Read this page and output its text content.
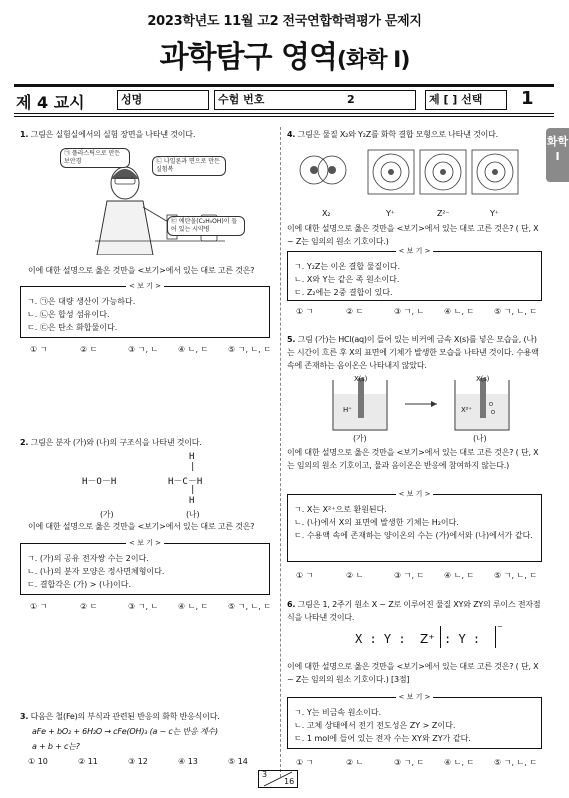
2023학년도 11월 고2 전국연합학력평가 문제지
과학탐구 영역(화학 Ⅰ)
제 4 교시	성명	수험 번호	2	제 [ ] 선택	1
화학 Ⅰ
1. 그림은 실험실에서의 실험 장면을 나타낸 것이다.
㉠ 플라스틱으로 만든 보안경	㉡ 나일론과 면으로 만든 실험복
㉢ 에탄올(C₂H₅OH)이 들어 있는 시약병
이에 대한 설명으로 옳은 것만을 <보기>에서 있는 대로 고른 것은?
< 보 기 >
ㄱ. ㉠은 대량 생산이 가능하다.
ㄴ. ㉡은 합성 섬유이다.
ㄷ. ㉢은 탄소 화합물이다.
① ㄱ	② ㄷ	③ ㄱ, ㄴ ④ ㄴ, ㄷ ⑤ ㄱ, ㄴ, ㄷ
2. 그림은 분자 (가)와 (나)의 구조식을 나타낸 것이다.
H－O－H
H
|
H－C－H
|
H
(가)	(나)
이에 대한 설명으로 옳은 것만을 <보기>에서 있는 대로 고른 것은?
< 보 기 >
ㄱ. (가)의 공유 전자쌍 수는 2이다.
ㄴ. (나)의 분자 모양은 정사면체형이다.
ㄷ. 결합각은 (가) > (나)이다.
① ㄱ	② ㄷ	③ ㄱ, ㄴ ④ ㄴ, ㄷ ⑤ ㄱ, ㄴ, ㄷ
3. 다음은 철(Fe)의 부식과 관련된 반응의 화학 반응식이다.
aFe + bO₂ + 6H₂O → cFe(OH)₃ (a ~ c는 반응 계수)
a + b + c는?
① 10	② 11	③ 12	④ 13	⑤ 14
4. 그림은 물질 X₂와 Y₂Z를 화학 결합 모형으로 나타낸 것이다.
X₂	Y⁺	Z²⁻	Y⁺
이에 대한 설명으로 옳은 것만을 <보기>에서 있는 대로 고른 것은? ( 단, X ~ Z는 임의의 원소 기호이다.)
< 보 기 >
ㄱ. Y₂Z는 이온 결합 물질이다.
ㄴ. X와 Y는 같은 족 원소이다.
ㄷ. Z₂에는 2중 결합이 있다.
① ㄱ	② ㄷ	③ ㄱ, ㄴ ④ ㄴ, ㄷ ⑤ ㄱ, ㄴ, ㄷ
5. 그림 (가)는 HCl(aq)이 들어 있는 비커에 금속 X(s)를 넣은 모습을, (나)는 시간이 흐른 후 X의 표면에 기체가 발생한 모습을 나타낸 것이다. 수용액 속에 존재하는 음이온은 나타내지 않았다.
X(s)	X(s)
H⁺	X²⁺
(가)	(나)
이에 대한 설명으로 옳은 것만을 <보기>에서 있는 대로 고른 것은? ( 단, X는 임의의 원소 기호이고, 물과 음이온은 반응에 참여하지 않는다.)
< 보 기 >
ㄱ. X는 X²⁺으로 환원된다.
ㄴ. (나)에서 X의 표면에 발생한 기체는 H₂이다.
ㄷ. 수용액 속에 존재하는 양이온의 수는 (가)에서와 (나)에서가 같다.
① ㄱ	② ㄴ	③ ㄱ, ㄷ ④ ㄴ, ㄷ ⑤ ㄱ, ㄴ, ㄷ
6. 그림은 1, 2주기 원소 X ~ Z로 이루어진 물질 XY와 ZY의 루이스 전자점식을 나타낸 것이다.
X : Y : Z⁺ : Y :
⁻
이에 대한 설명으로 옳은 것만을 <보기>에서 있는 대로 고른 것은? ( 단, X ~ Z는 임의의 원소 기호이다.) [3점]
< 보 기 >
ㄱ. Y는 비금속 원소이다.
ㄴ. 고체 상태에서 전기 전도성은 ZY > Z이다.
ㄷ. 1 mol에 들어 있는 전자 수는 XY와 ZY가 같다.
① ㄱ	② ㄴ	③ ㄱ, ㄷ ④ ㄴ, ㄷ ⑤ ㄱ, ㄴ, ㄷ
3
16
